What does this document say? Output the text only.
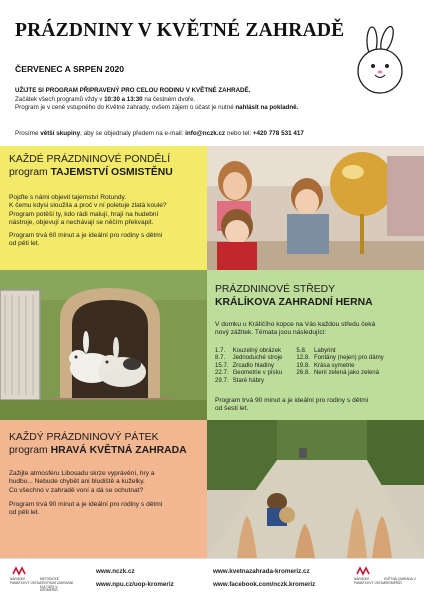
PRÁZDNINY V KVĚTNÉ ZAHRADĚ
ČERVENEC A SRPEN 2020
UŽIJTE SI PROGRAM PŘIPRAVENÝ PRO CELOU RODINU V KVĚTNÉ ZAHRADĚ.
Začátek všech programů vždy v 10:30 a 13:30 na čestném dvoře.
Program je v ceně vstupného do Květné zahrady, ovšem zájem o účast je nutné nahlásit na pokladně.
Prosíme větší skupiny, aby se objednaly předem na e-mail: info@nczk.cz nebo tel: +420 778 531 417
KAŽDÉ PRÁZDNINOVÉ PONDĚLÍ
program TAJEMSTVÍ OSMISTĚNU
Pojďte s námi objevit tajemství Rotundy.
K čemu kdysi sloužila a proč v ní poletuje zlatá koule?
Program potěší ty, kdo rádi malují, hrají na hudební
nástroje, objevují a nechávají se něčím překvapit.
Program trvá 60 minut a je ideální pro rodiny s dětmi
od pěti let.
PRÁZDNINOVÉ STŘEDY
KRÁLÍKOVA ZAHRADNÍ HERNA
V domku u Králíčího kopce na Vás každou středu čeká
nový zážitek. Témata jsou následující:
1.7.	Kouzelný obrázek	5.8.	Labyrint
8.7.	Jednoduché stroje	12.8.	Fontány (nejen) pro dámy
15.7.	Zrcadlo hladiny	19.8.	Krása symetrie
22.7.	Geometrie v písku	26.8.	Není zelená jako zelená
29.7.	Staré hábry		
Program trvá 90 minut a je ideální pro rodiny s dětmi
od šesti let.
KAŽDÝ PRÁZDNINOVÝ PÁTEK
program HRAVÁ KVĚTNÁ ZAHRADA
Zažijte atmosféru Libosadu skrze vyprávění, hry a
hudbu... Nebude chybět ani bludiště a kuželky.
Co všechno v zahradě voní a dá se ochutnat?
Program trvá 90 minut a je ideální pro rodiny s dětmi
od pěti let.
NÁRODNÍ PAMÁTKOVÝ ÚSTAV
METODICKÉ CENTRUM ZAHRADNÍ KULTURY V KROMĚŘÍŽI
www.nczk.cz
www.npu.cz/uop-kromeriz
www.kvetnazahrada-kromeriz.cz
www.facebook.com/nczk.kromeriz
NÁRODNÍ PAMÁTKOVÝ ÚSTAV
KVĚTNÁ ZAHRADA V KROMĚŘÍŽI
